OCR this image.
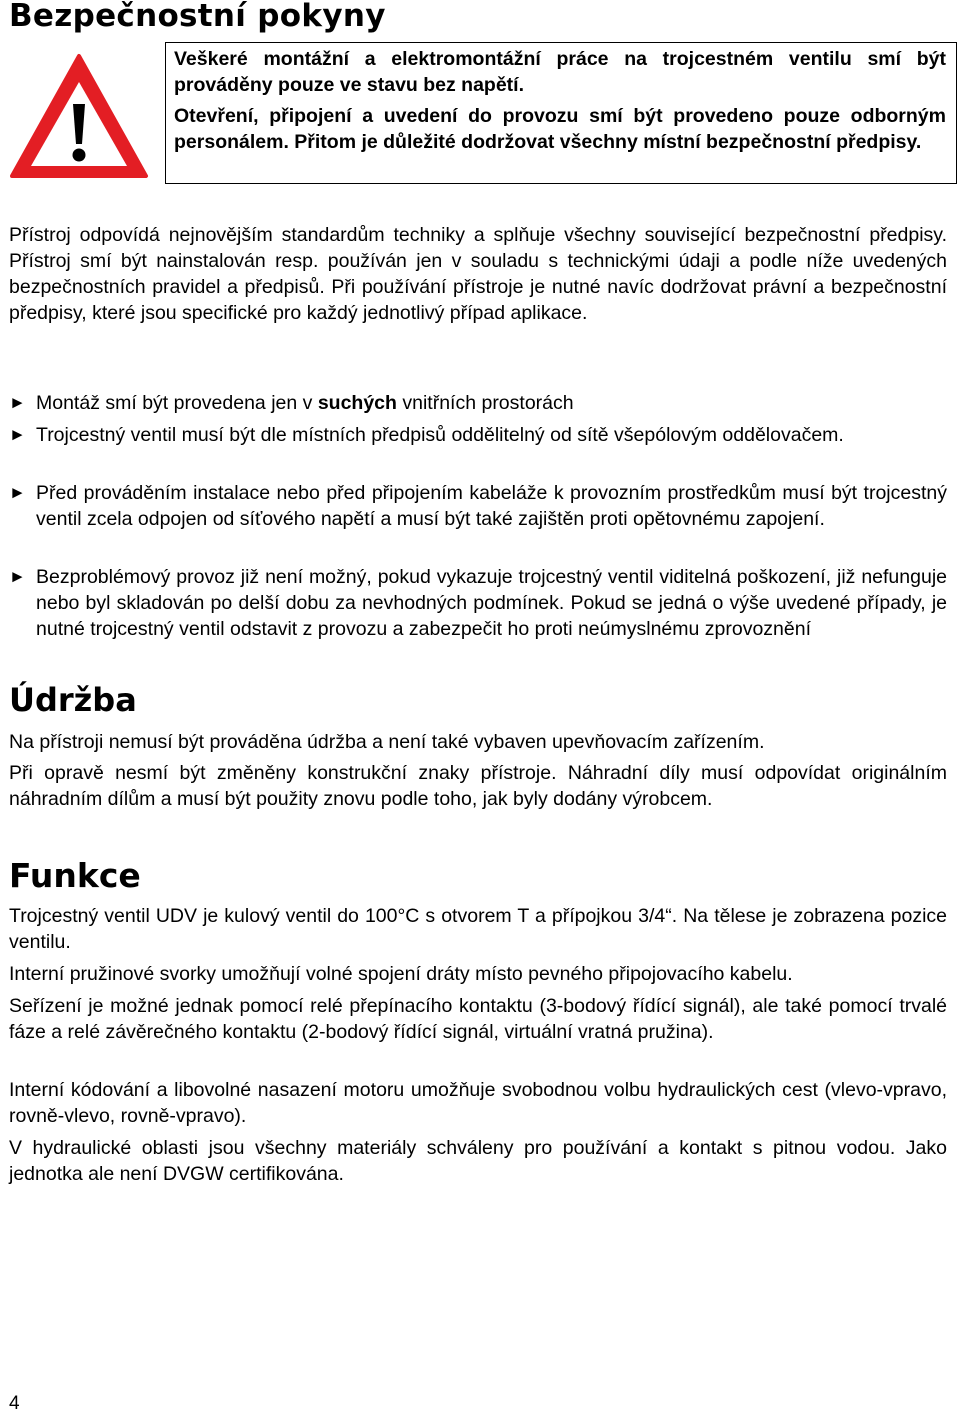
Bezpečnostní pokyny

Veškeré montážní a elektromontážní práce na trojcestném ventilu smí být prováděny pouze ve stavu bez napětí.

Otevření, připojení a uvedení do provozu smí být provedeno pouze odborným personálem. Přitom je důležité dodržovat všechny místní bezpečnostní předpisy.

Přístroj odpovídá nejnovějším standardům techniky a splňuje všechny související bezpečnostní předpisy. Přístroj smí být nainstalován resp. používán jen v souladu s technickými údaji a podle níže uvedených bezpečnostních pravidel a předpisů. Při používání přístroje je nutné navíc dodržovat právní a bezpečnostní předpisy, které jsou specifické pro každý jednotlivý případ aplikace.

► Montáž smí být provedena jen v suchých vnitřních prostorách
► Trojcestný ventil musí být dle místních předpisů oddělitelný od sítě všepólovým oddělovačem.
► Před prováděním instalace nebo před připojením kabeláže k provozním prostředkům musí být trojcestný ventil zcela odpojen od síťového napětí a musí být také zajištěn proti opětovnému zapojení.
► Bezproblémový provoz již není možný, pokud vykazuje trojcestný ventil viditelná poškození, již nefunguje nebo byl skladován po delší dobu za nevhodných podmínek. Pokud se jedná o výše uvedené případy, je nutné trojcestný ventil odstavit z provozu a zabezpečit ho proti neúmyslnému zprovoznění
Údržba

Na přístroji nemusí být prováděna údržba a není také vybaven upevňovacím zařízením.

Při opravě nesmí být změněny konstrukční znaky přístroje. Náhradní díly musí odpovídat originálním náhradním dílům a musí být použity znovu podle toho, jak byly dodány výrobcem.

Funkce

Trojcestný ventil UDV je kulový ventil do 100°C s otvorem T a přípojkou 3/4“. Na tělese je zobrazena pozice ventilu.

Interní pružinové svorky umožňují volné spojení dráty místo pevného připojovacího kabelu.

Seřízení je možné jednak pomocí relé přepínacího kontaktu (3-bodový řídící signál), ale také pomocí trvalé fáze a relé závěrečného kontaktu (2-bodový řídící signál, virtuální vratná pružina).

Interní kódování a libovolné nasazení motoru umožňuje svobodnou volbu hydraulických cest (vlevo-vpravo, rovně-vlevo, rovně-vpravo).

V hydraulické oblasti jsou všechny materiály schváleny pro používání a kontakt s pitnou vodou. Jako jednotka ale není DVGW certifikována.

4
